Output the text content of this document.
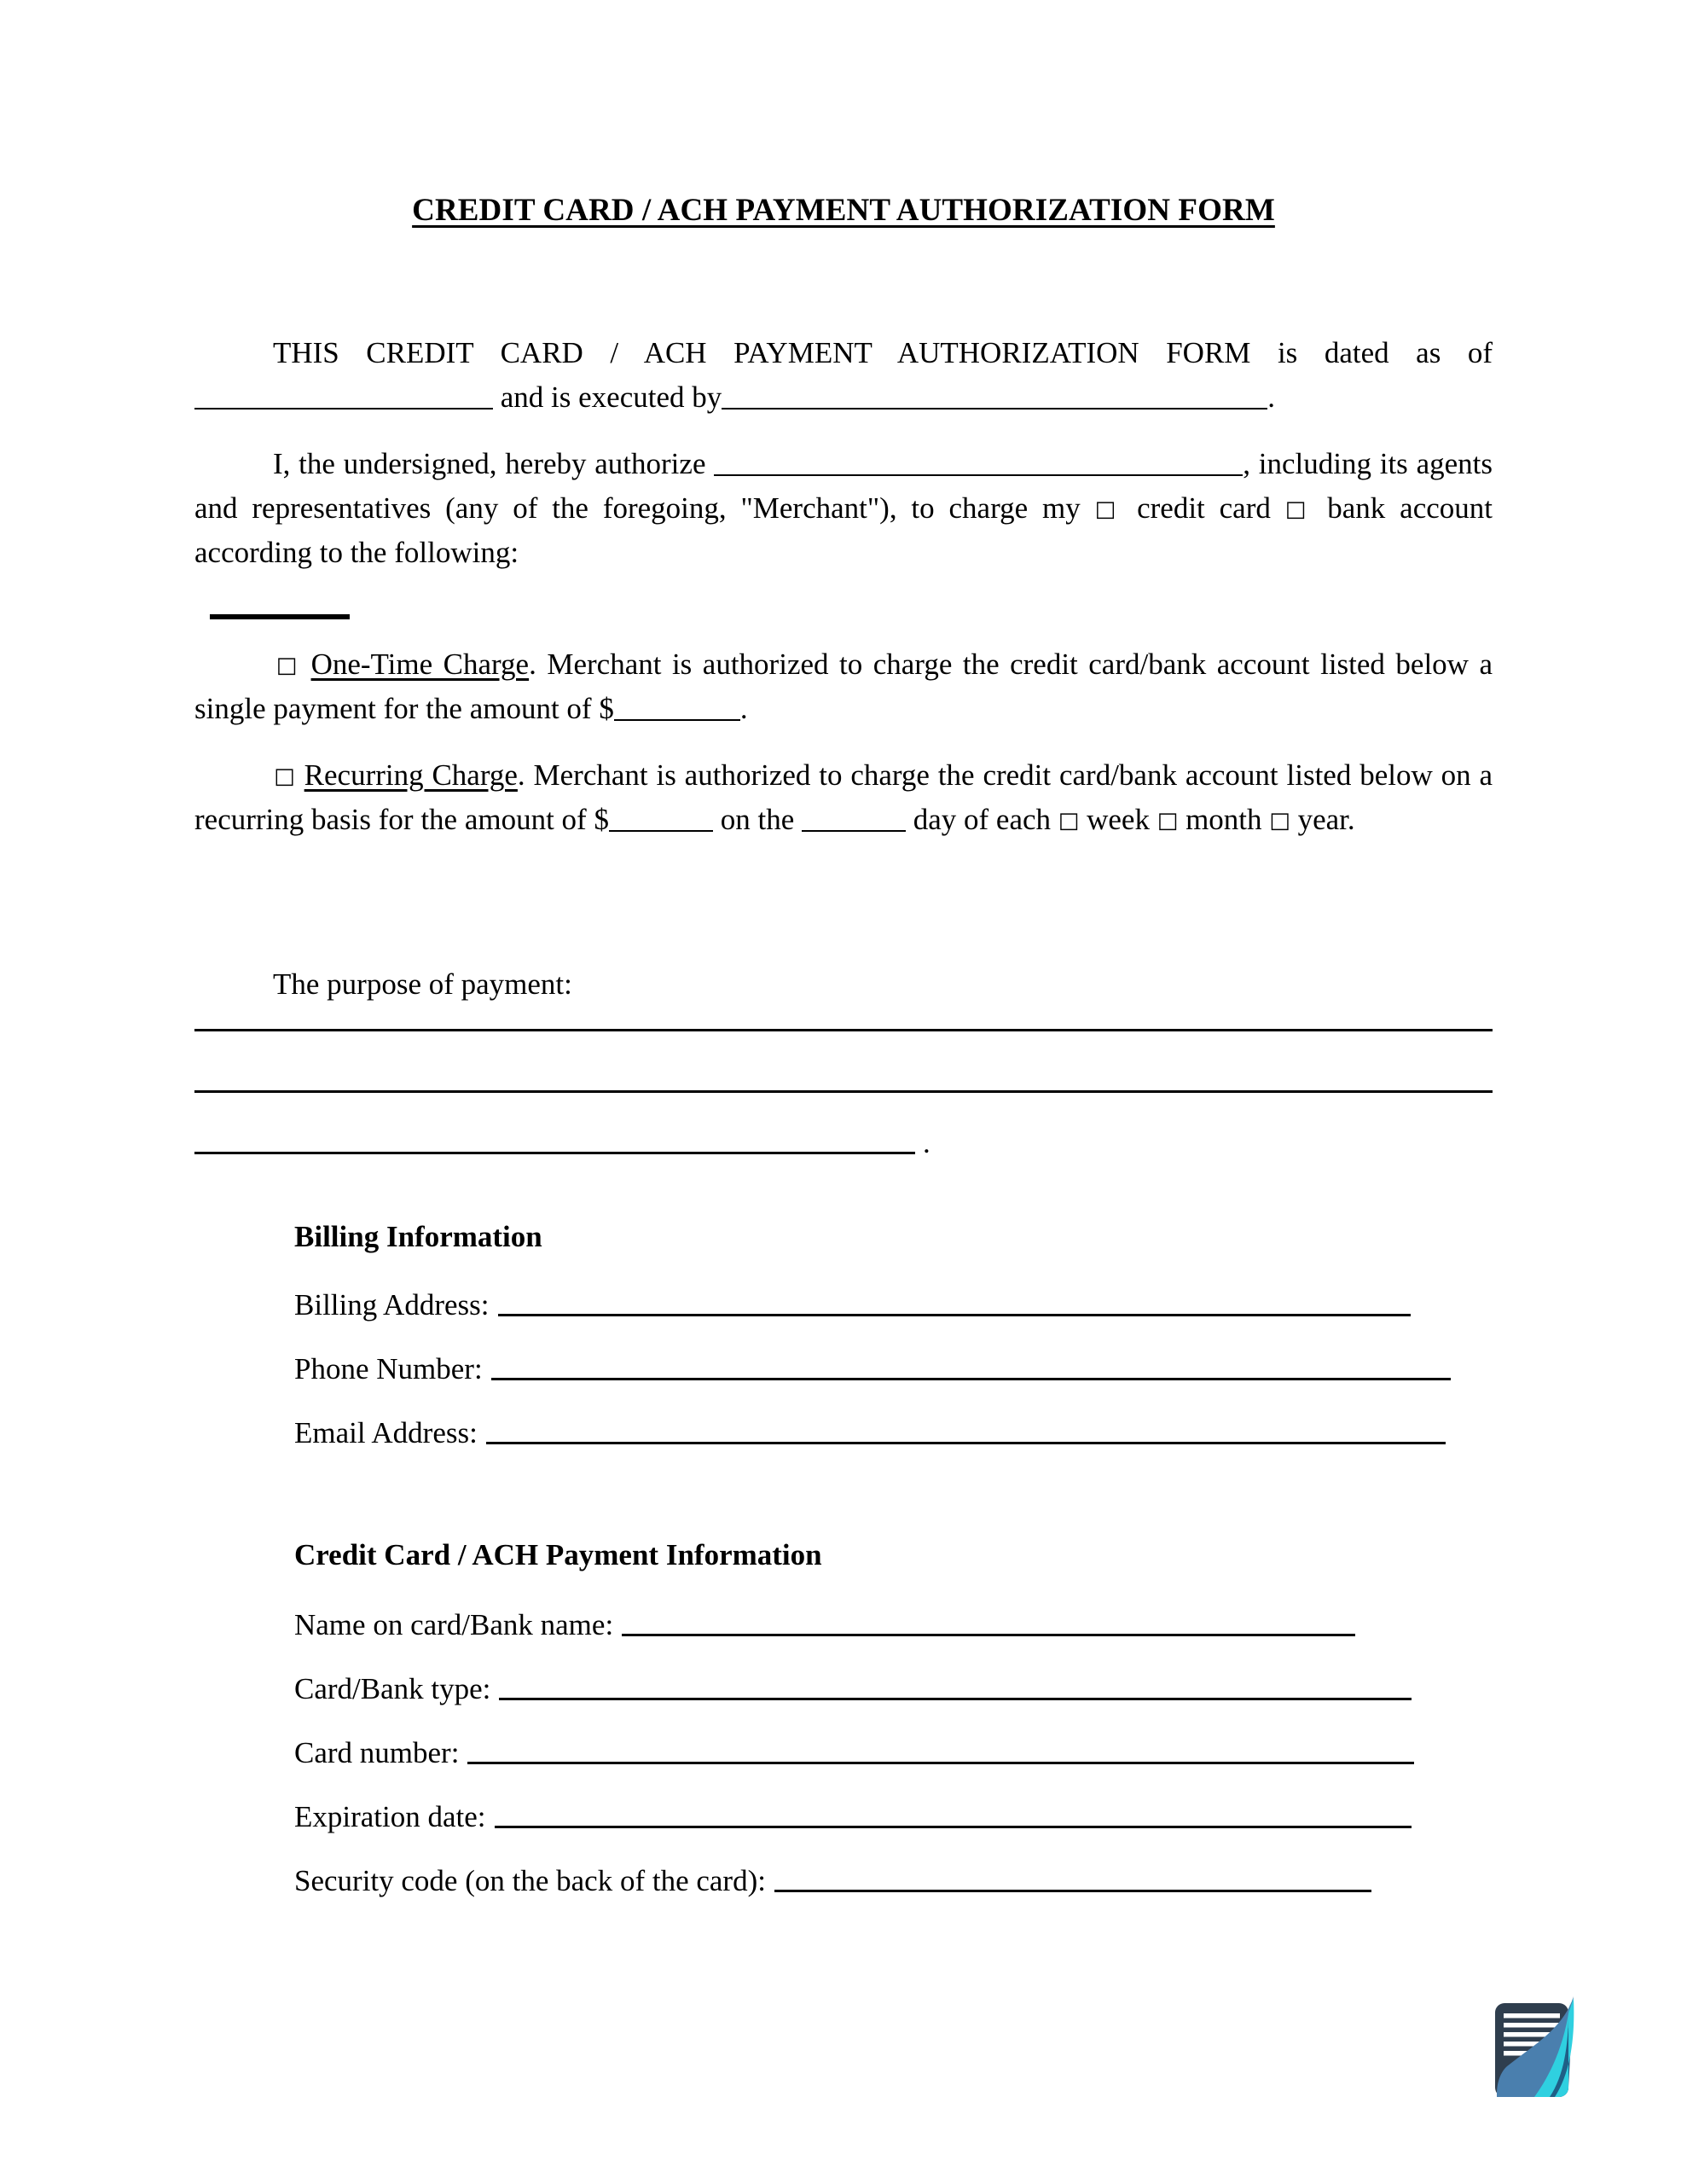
CREDIT CARD / ACH PAYMENT AUTHORIZATION FORM

THIS CREDIT CARD / ACH PAYMENT AUTHORIZATION FORM is dated as of and is executed by	.

I, the undersigned, hereby authorize	, including its agents and representatives (any of the foregoing, "Merchant"), to charge my □ credit card □ bank account according to the following:

□ One-Time Charge. Merchant is authorized to charge the credit card/bank account listed below a single payment for the amount of $	.

□ Recurring Charge. Merchant is authorized to charge the credit card/bank account listed below on a recurring basis for the amount of $	on the	day of each □ week □ month □ year.

The purpose of payment:

.
Billing Information
Billing Address:
Phone Number:
Email Address:
Credit Card / ACH Payment Information
Name on card/Bank name:
Card/Bank type:
Card number:
Expiration date:
Security code (on the back of the card):
